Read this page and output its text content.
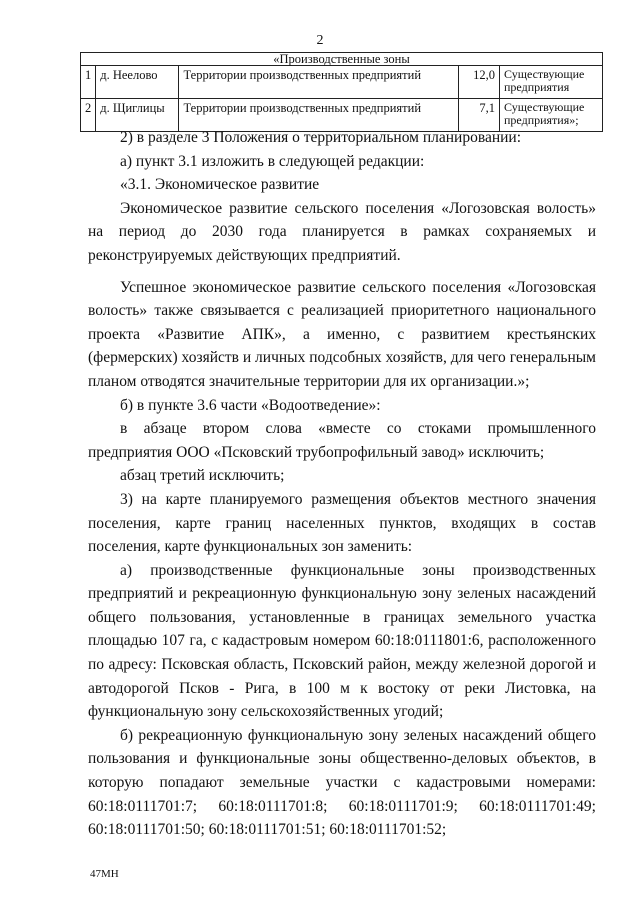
2
«Производственные зоны				
1	д. Неелово	Территории производственных предприятий	12,0	Существующие предприятия
2	д. Щиглицы	Территории производственных предприятий	7,1	Существующие предприятия»;

2) в разделе 3 Положения о территориальном планировании:

а) пункт 3.1 изложить в следующей редакции:

«3.1. Экономическое развитие

Экономическое развитие сельского поселения «Логозовская волость» на период до 2030 года планируется в рамках сохраняемых и реконструируемых действующих предприятий.

Успешное экономическое развитие сельского поселения «Логозовская волость» также связывается с реализацией приоритетного национального проекта «Развитие АПК», а именно, с развитием крестьянских (фермерских) хозяйств и личных подсобных хозяйств, для чего генеральным планом отводятся значительные территории для их организации.»;

б) в пункте 3.6 части «Водоотведение»:

в абзаце втором слова «вместе со стоками промышленного предприятия ООО «Псковский трубопрофильный завод» исключить;

абзац третий исключить;

3) на карте планируемого размещения объектов местного значения поселения, карте границ населенных пунктов, входящих в состав поселения, карте функциональных зон заменить:

а) производственные функциональные зоны производственных предприятий и рекреационную функциональную зону зеленых насаждений общего пользования, установленные в границах земельного участка площадью 107 га, с кадастровым номером 60:18:0111801:6, расположенного по адресу: Псковская область, Псковский район, между железной дорогой и автодорогой Псков - Рига, в 100 м к востоку от реки Листовка, на функциональную зону сельскохозяйственных угодий;

б) рекреационную функциональную зону зеленых насаждений общего пользования и функциональные зоны общественно-деловых объектов, в которую попадают земельные участки с кадастровыми номерами: 60:18:0111701:7; 60:18:0111701:8; 60:18:0111701:9; 60:18:0111701:49; 60:18:0111701:50; 60:18:0111701:51; 60:18:0111701:52;

47МН
